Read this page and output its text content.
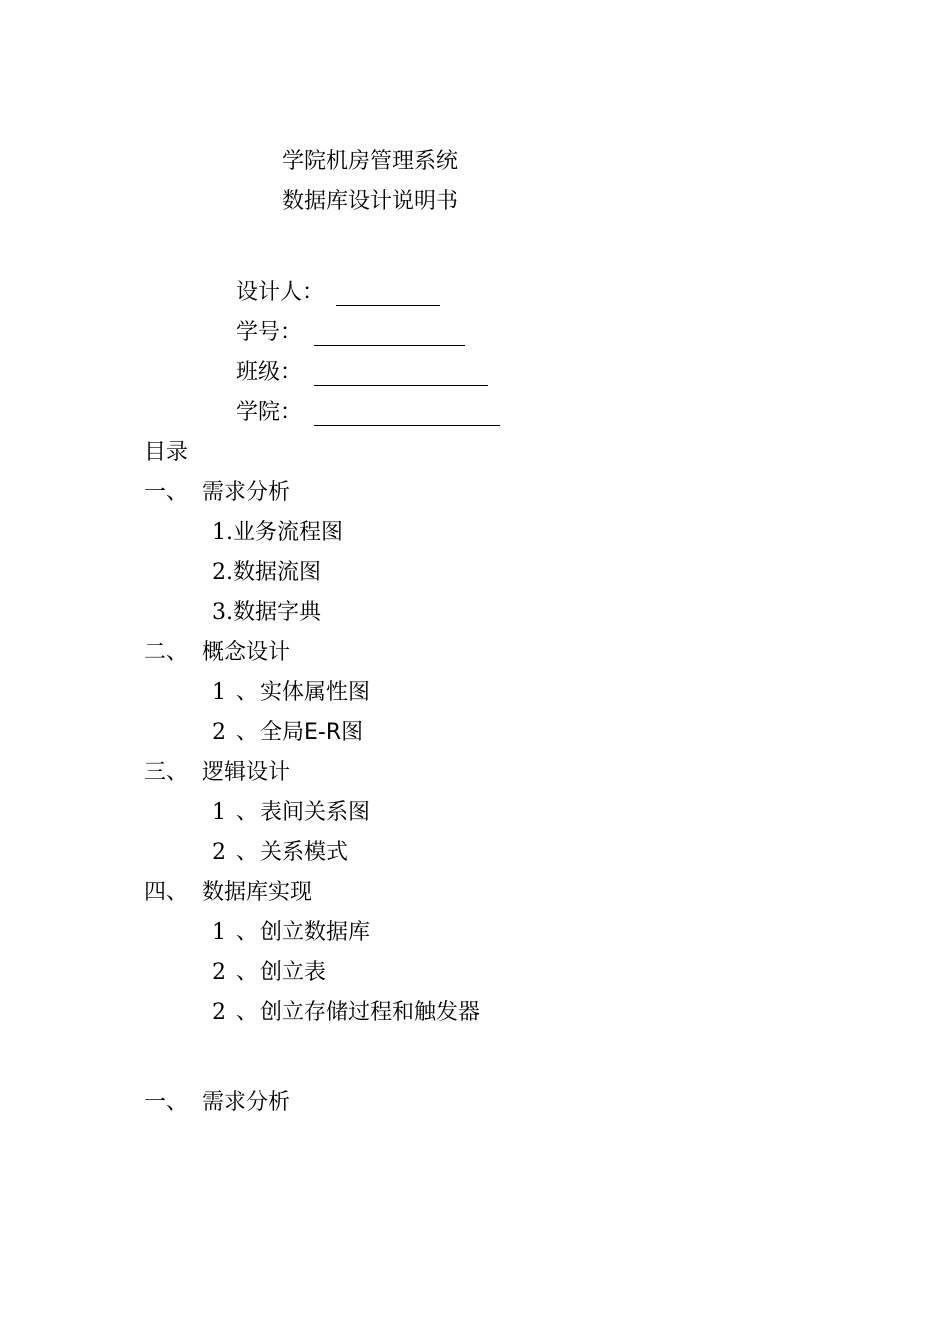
学院机房管理系统
数据库设计说明书
设计人：
学号：
班级：
学院：
目录
一、 需求分析
1.业务流程图
2.数据流图
3.数据字典
二、 概念设计
1 、实体属性图
2 、全局E-R图
三、 逻辑设计
1 、表间关系图
2 、关系模式
四、 数据库实现
1 、创立数据库
2 、创立表
2 、创立存储过程和触发器
一、 需求分析
